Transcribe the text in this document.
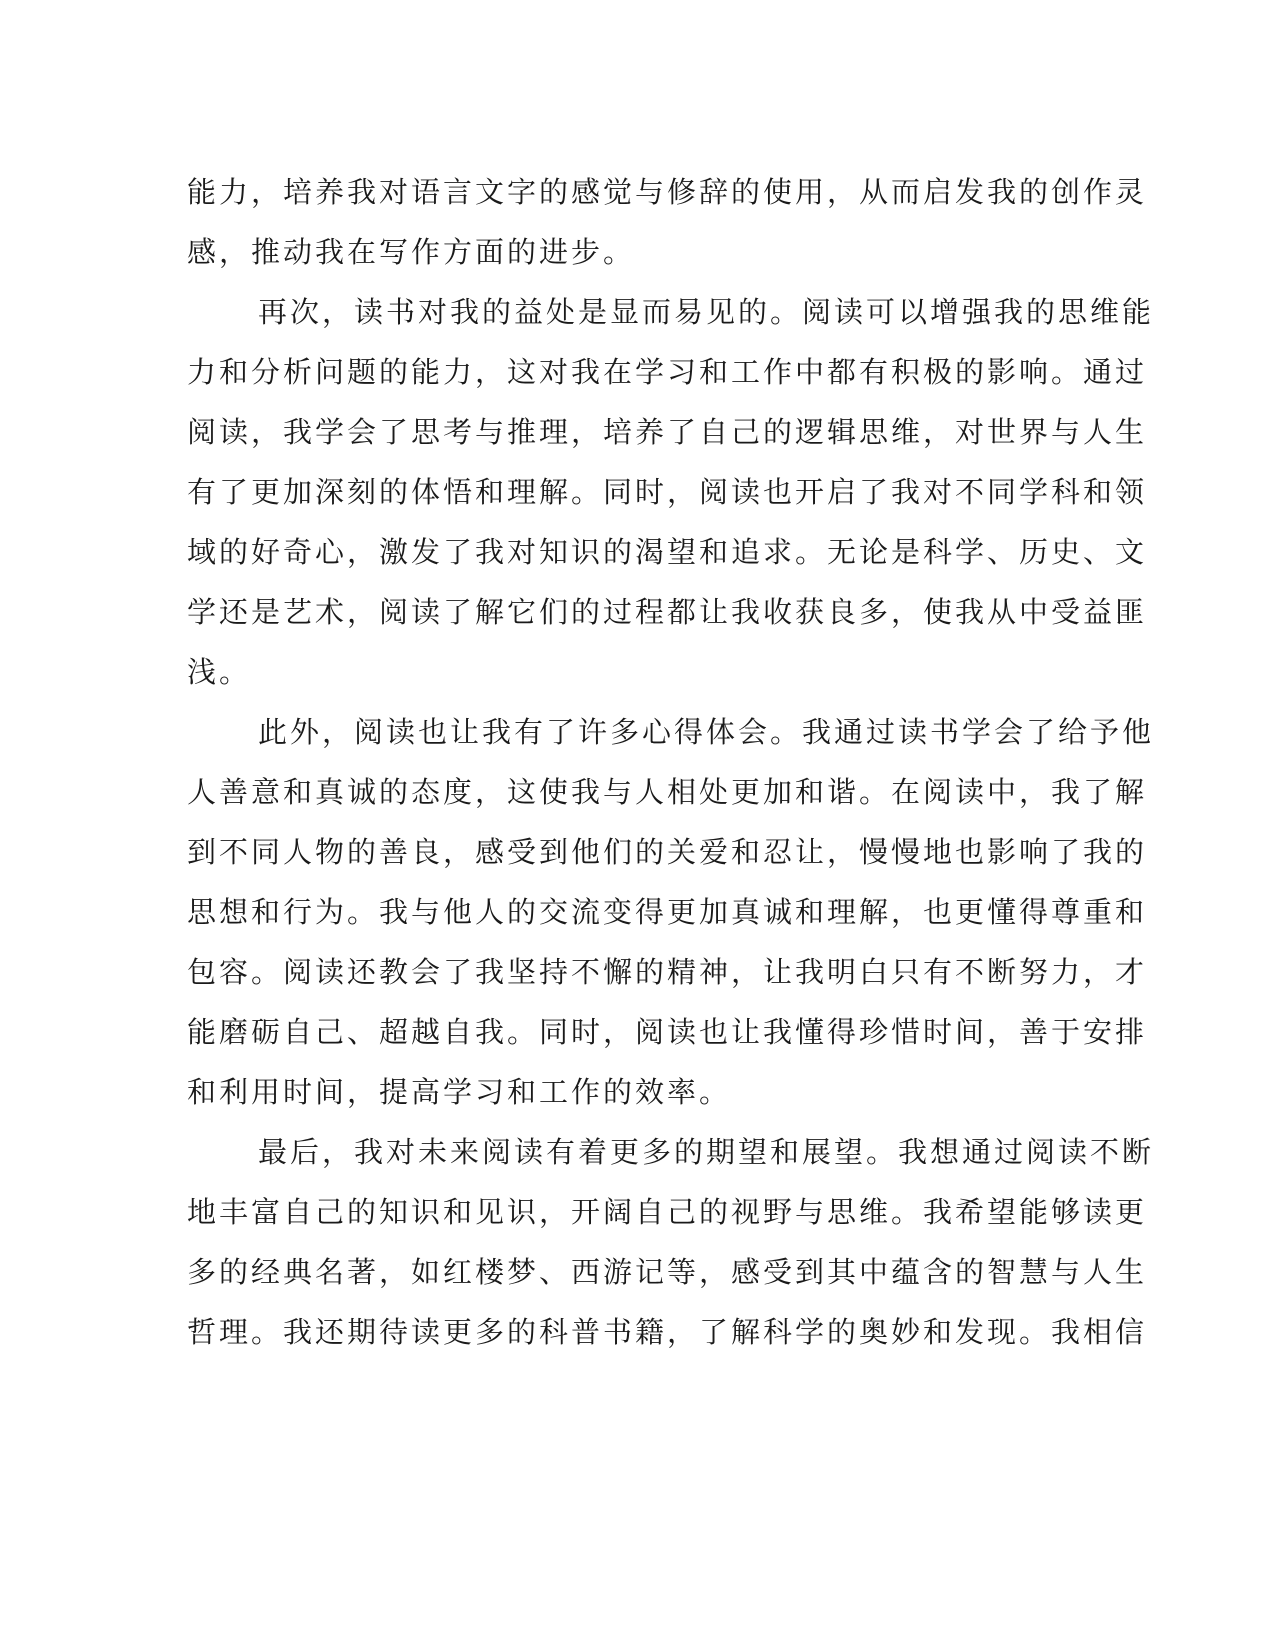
能力，培养我对语言文字的感觉与修辞的使用，从而启发我的创作灵
感，推动我在写作方面的进步。
再次，读书对我的益处是显而易见的。阅读可以增强我的思维能
力和分析问题的能力，这对我在学习和工作中都有积极的影响。通过
阅读，我学会了思考与推理，培养了自己的逻辑思维，对世界与人生
有了更加深刻的体悟和理解。同时，阅读也开启了我对不同学科和领
域的好奇心，激发了我对知识的渴望和追求。无论是科学、历史、文
学还是艺术，阅读了解它们的过程都让我收获良多，使我从中受益匪
浅。
此外，阅读也让我有了许多心得体会。我通过读书学会了给予他
人善意和真诚的态度，这使我与人相处更加和谐。在阅读中，我了解
到不同人物的善良，感受到他们的关爱和忍让，慢慢地也影响了我的
思想和行为。我与他人的交流变得更加真诚和理解，也更懂得尊重和
包容。阅读还教会了我坚持不懈的精神，让我明白只有不断努力，才
能磨砺自己、超越自我。同时，阅读也让我懂得珍惜时间，善于安排
和利用时间，提高学习和工作的效率。
最后，我对未来阅读有着更多的期望和展望。我想通过阅读不断
地丰富自己的知识和见识，开阔自己的视野与思维。我希望能够读更
多的经典名著，如红楼梦、西游记等，感受到其中蕴含的智慧与人生
哲理。我还期待读更多的科普书籍，了解科学的奥妙和发现。我相信
